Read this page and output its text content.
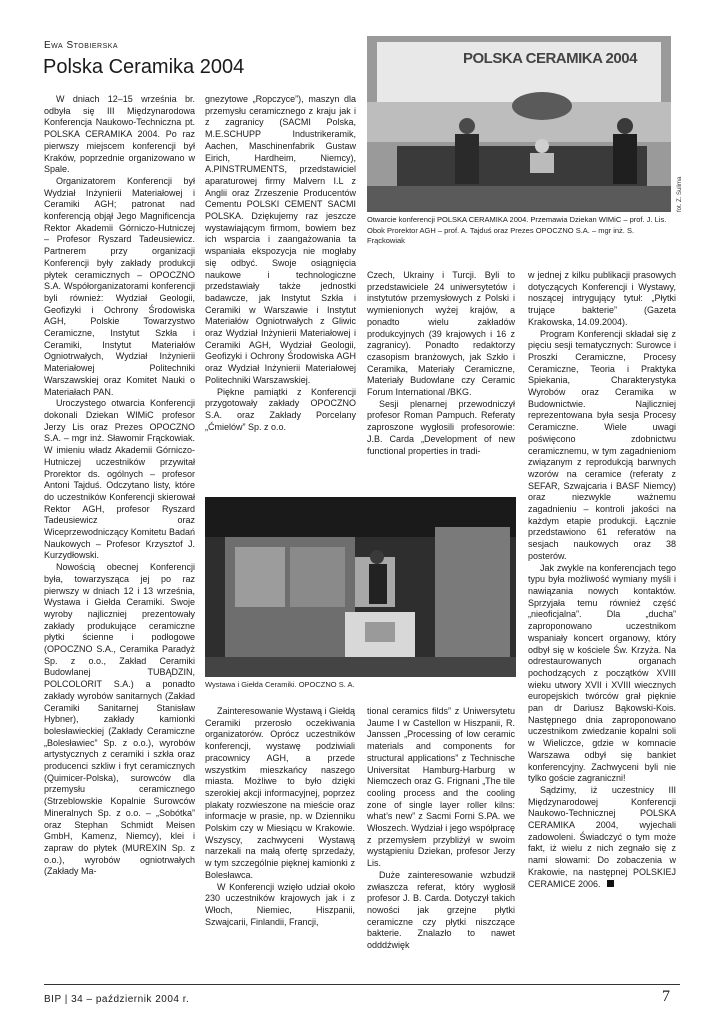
Ewa Stobierska
Polska Ceramika 2004

W dniach 12–15 września br. odbyła się III Międzynarodowa Konferencja Naukowo-Techniczna pt. POLSKA CERAMIKA 2004. Po raz pierwszy miejscem konferencji był Kraków, poprzednie organizowano w Spale.

Organizatorem Konferencji był Wydział Inżynierii Materiałowej i Ceramiki AGH; patronat nad konferencją objął Jego Magnificencja Rektor Akademii Górniczo-Hutniczej – Profesor Ryszard Tadeusiewicz. Partnerem przy organizacji Konferencji były zakłady produkcji płytek ceramicznych – OPOCZNO S.A. Współorganizatorami konferencji byli również: Wydział Geologii, Geofizyki i Ochrony Środowiska AGH, Polskie Towarzystwo Ceramiczne, Instytut Szkła i Ceramiki, Instytut Materiałów Ogniotrwałych, Wydział Inżynierii Materiałowej Politechniki Warszawskiej oraz Komitet Nauki o Materiałach PAN.

Uroczystego otwarcia Konferencji dokonali Dziekan WIMiC profesor Jerzy Lis oraz Prezes OPOCZNO S.A. – mgr inż. Sławomir Frąckowiak. W imieniu władz Akademii Górniczo-Hutniczej uczestników przywitał Prorektor ds. ogólnych – profesor Antoni Tajduś. Odczytano listy, które do uczestników Konferencji skierował Rektor AGH, profesor Ryszard Tadeusiewicz oraz Wiceprzewodniczący Komitetu Badań Naukowych – Profesor Krzysztof J. Kurzydłowski.

Nowością obecnej Konferencji była, towarzysząca jej po raz pierwszy w dniach 12 i 13 września, Wystawa i Giełda Ceramiki. Swoje wyroby najliczniej prezentowały zakłady produkujące ceramiczne płytki ścienne i podłogowe (OPOCZNO S.A., Ceramika Paradyż Sp. z o.o., Zakład Ceramiki Budowlanej TUBĄDZIN, POLCOLORIT S.A.) a ponadto zakłady wyrobów sanitarnych (Zakład Ceramiki Sanitarnej Stanisław Hybner), zakłady kamionki bolesławieckiej (Zakłady Ceramiczne „Bolesławiec” Sp. z o.o.), wyrobów artystycznych z ceramiki i szkła oraz producenci szkliw i fryt ceramicznych (Quimicer-Polska), surowców dla przemysłu ceramicznego (Strzeblowskie Kopalnie Surowców Mineralnych Sp. z o.o. – „Sobótka” oraz Stephan Schmidt Meisen GmbH, Kamenz, Niemcy), klei i zapraw do płytek (MUREXIN Sp. z o.o.), wyrobów ogniotrwałych (Zakłady Ma-

gnezytowe „Ropczyce”), maszyn dla przemysłu ceramicznego z kraju jak i z zagranicy (SACMI Polska, M.E.SCHUPP Industrikeramik, Aachen, Maschinenfabrik Gustaw Eirich, Hardheim, Niemcy), A.PINSTRUMENTS, przedstawiciel aparaturowej firmy Malvern I.L z Anglii oraz Zrzeszenie Producentów Cementu POLSKI CEMENT SACMI POLSKA. Dziękujemy raz jeszcze wystawiającym firmom, bowiem bez ich wsparcia i zaangażowania ta wspaniała ekspozycja nie mogłaby się odbyć. Swoje osiągnięcia naukowe i technologiczne przedstawiały także jednostki badawcze, jak Instytut Szkła i Ceramiki w Warszawie i Instytut Materiałów Ogniotrwałych z Gliwic oraz Wydział Inżynierii Materiałowej i Ceramiki AGH, Wydział Geologii, Geofizyki i Ochrony Środowiska AGH oraz Wydział Inżynierii Materiałowej Politechniki Warszawskiej.

Piękne pamiątki z Konferencji przygotowały zakłady OPOCZNO S.A. oraz Zakłady Porcelany „Ćmielów” Sp. z o.o.

POLSKA CERAMIKA 2004
fot. Z. Sulima
Otwarcie konferencji POLSKA CERAMIKA 2004. Przemawia Dziekan WIMiC – prof. J. Lis. Obok Prorektor AGH – prof. A. Tajduś oraz Prezes OPOCZNO S.A. – mgr inż. S. Frąckowiak

Czech, Ukrainy i Turcji. Byli to przedstawiciele 24 uniwersytetów i instytutów przemysłowych z Polski i wymienionych wyżej krajów, a ponadto wielu zakładów produkcyjnych (39 krajowych i 16 z zagranicy). Ponadto redaktorzy czasopism branżowych, jak Szkło i Ceramika, Materiały Ceramiczne, Materiały Budowlane czy Ceramic Forum International /BKG.

Sesji plenarnej przewodniczył profesor Roman Pampuch. Referaty zaproszone wygłosili profesorowie: J.B. Carda „Development of new functional properties in tradi-

w jednej z kilku publikacji prasowych dotyczących Konferencji i Wystawy, noszącej intrygujący tytuł: „Płytki trujące bakterie” (Gazeta Krakowska, 14.09.2004).

Program Konferencji składał się z pięciu sesji tematycznych: Surowce i Proszki Ceramiczne, Procesy Ceramiczne, Teoria i Praktyka Spiekania, Charakterystyka Wyrobów oraz Ceramika w Budownictwie. Najliczniej reprezentowana była sesja Procesy Ceramiczne. Wiele uwagi poświęcono zdobnictwu ceramicznemu, w tym zagadnieniom związanym z reprodukcją barwnych wzorów na ceramice (referaty z SEFAR, Szwajcaria i BASF Niemcy) oraz niezwykle ważnemu zagadnieniu – kontroli jakości na każdym etapie produkcji. Łącznie przedstawiono 61 referatów na sesjach naukowych oraz 38 posterów.

Jak zwykle na konferencjach tego typu była możliwość wymiany myśli i nawiązania nowych kontaktów. Sprzyjała temu również część „nieoficjalna”. Dla „ducha” zaproponowano uczestnikom wspaniały koncert organowy, który odbył się w kościele Św. Krzyża. Na odrestaurowanych organach pochodzących z początków XVIII wieku utwory XVII i XVIII wiecznych europejskich twórców grał pięknie pan dr Dariusz Bąkowski-Kois. Następnego dnia zaproponowano uczestnikom zwiedzanie kopalni soli w Wieliczce, gdzie w komnacie Warszawa odbył się bankiet konferencyjny. Zachwyceni byli nie tylko goście zagraniczni!

Sądzimy, iż uczestnicy III Międzynarodowej Konferencji Naukowo-Technicznej POLSKA CERAMIKA 2004, wyjechali zadowoleni. Świadczyć o tym może fakt, iż wielu z nich zegnało się z nami słowami: Do zobaczenia w Krakowie, na następnej POLSKIEJ CERAMICE 2006.

Wystawa i Giełda Ceramiki. OPOCZNO S. A.

Zainteresowanie Wystawą i Giełdą Ceramiki przerosło oczekiwania organizatorów. Oprócz uczestników konferencji, wystawę podziwiali pracownicy AGH, a przede wszystkim mieszkańcy naszego miasta. Możliwe to było dzięki szerokiej akcji informacyjnej, poprzez plakaty rozwieszone na mieście oraz informacje w prasie, np. w Dzienniku Polskim czy w Miesiącu w Krakowie. Wszyscy, zachwyceni Wystawą narzekali na małą ofertę sprzedaży, w tym szczególnie pięknej kamionki z Bolesławca.

W Konferencji wzięło udział około 230 uczestników krajowych jak i z Włoch, Niemiec, Hiszpanii, Szwajcarii, Finlandii, Francji,

tional ceramics filds” z Uniwersytetu Jaume I w Castellon w Hiszpanii, R. Janssen „Processing of low ceramic materials and components for structural applications” z Technische Universitat Hamburg-Harburg w Niemczech oraz G. Frignani „The tile cooling process and the cooling zone of single layer roller kilns: what’s new” z Sacmi Forni S.PA. we Włoszech. Wydział i jego współpracę z przemysłem przybliżył w swoim wystąpieniu Dziekan, profesor Jerzy Lis.

Duże zainteresowanie wzbudził zwłaszcza referat, który wygłosił profesor J. B. Carda. Dotyczył takich nowości jak grzejne płytki ceramiczne czy płytki niszczące bakterie. Znalazło to nawet odddźwięk

BIP | 34 – październik 2004 r.	7
